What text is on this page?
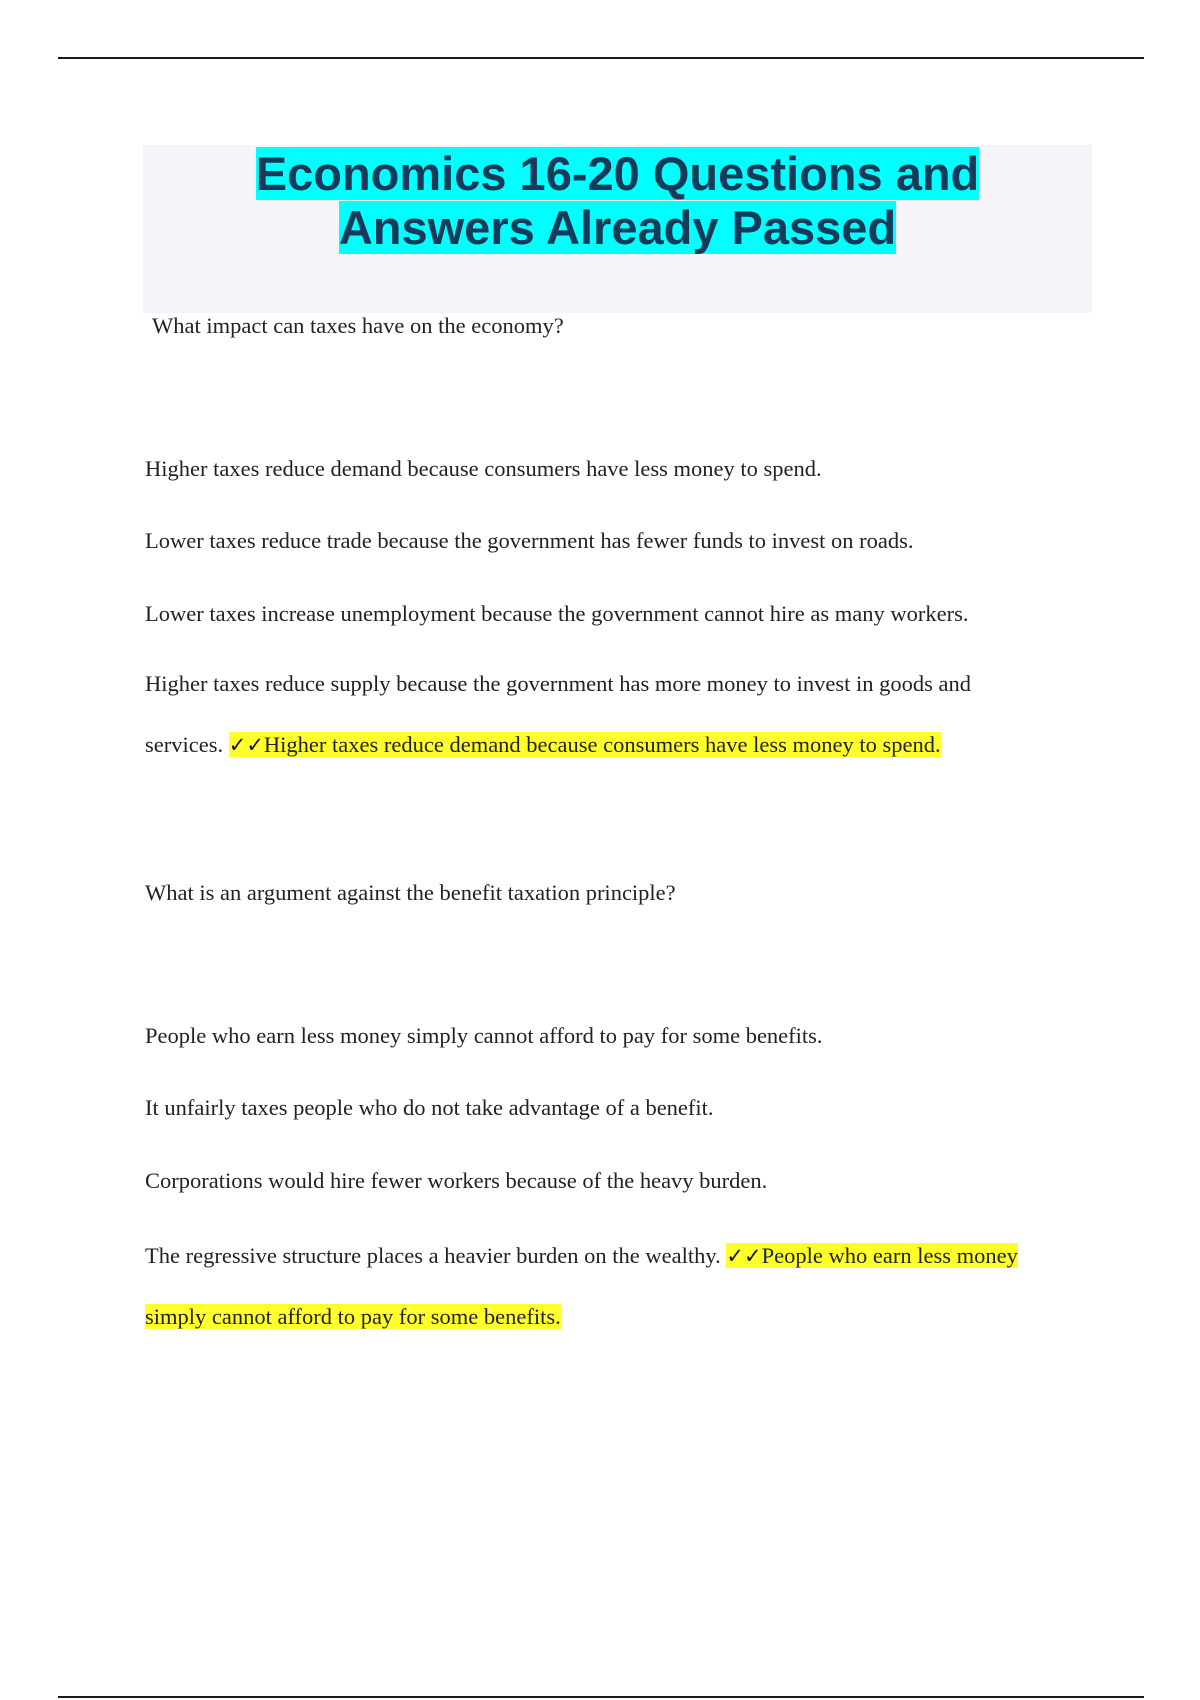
Economics 16-20 Questions and
Answers Already Passed

What impact can taxes have on the economy?

Higher taxes reduce demand because consumers have less money to spend.

Lower taxes reduce trade because the government has fewer funds to invest on roads.

Lower taxes increase unemployment because the government cannot hire as many workers.

Higher taxes reduce supply because the government has more money to invest in goods and

services. ✓✓Higher taxes reduce demand because consumers have less money to spend.

What is an argument against the benefit taxation principle?

People who earn less money simply cannot afford to pay for some benefits.

It unfairly taxes people who do not take advantage of a benefit.

Corporations would hire fewer workers because of the heavy burden.

The regressive structure places a heavier burden on the wealthy. ✓✓People who earn less money

simply cannot afford to pay for some benefits.
